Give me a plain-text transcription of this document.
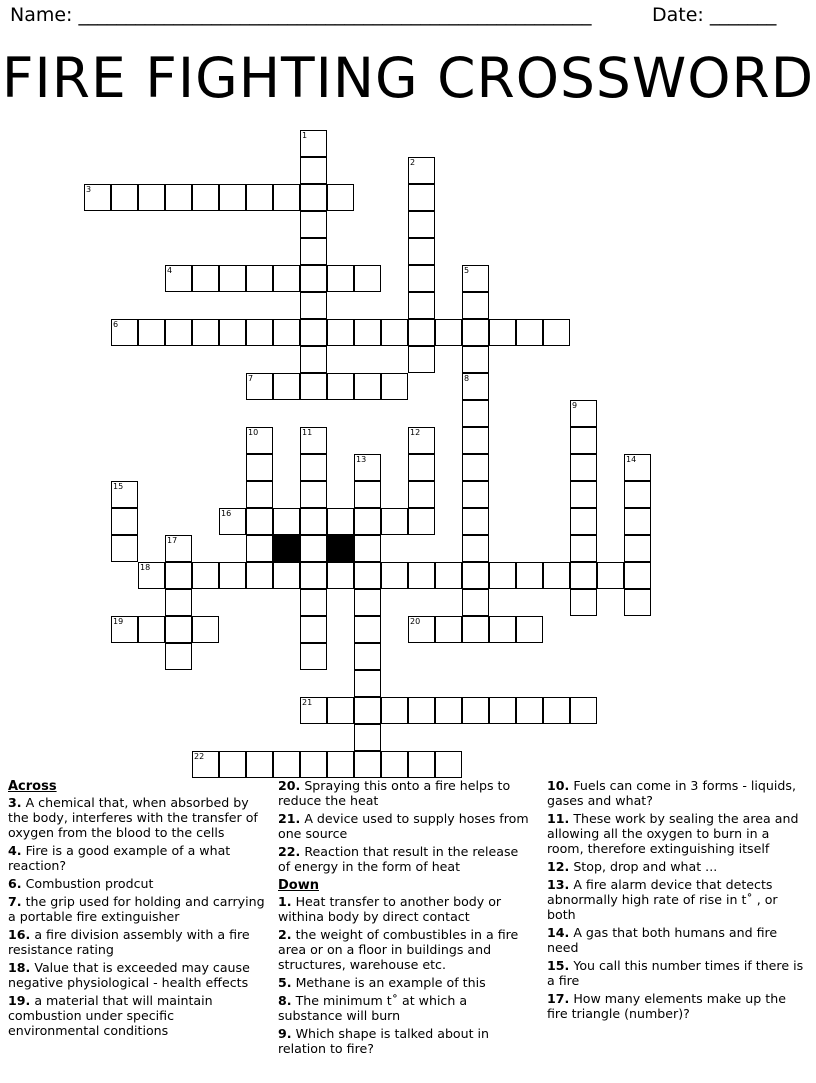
Name: ______________________________________________________	Date: _______
FIRE FIGHTING CROSSWORD
1
2
3
4	5
6
7	8
9
10	11	12
13	14
15
16
17
18
19	20
21
22
Across
3. A chemical that, when absorbed by the body, interferes with the transfer of oxygen from the blood to the cells
4. Fire is a good example of a what reaction?
6. Combustion prodcut
7. the grip used for holding and carrying a portable fire extinguisher
16. a fire division assembly with a fire resistance rating
18. Value that is exceeded may cause negative physiological - health effects
19. a material that will maintain combustion under specific environmental conditions
20. Spraying this onto a fire helps to reduce the heat
21. A device used to supply hoses from one source
22. Reaction that result in the release of energy in the form of heat
Down
1. Heat transfer to another body or withina body by direct contact
2. the weight of combustibles in a fire area or on a floor in buildings and structures, warehouse etc.
5. Methane is an example of this
8. The minimum t˚ at which a substance will burn
9. Which shape is talked about in relation to fire?
10. Fuels can come in 3 forms - liquids, gases and what?
11. These work by sealing the area and allowing all the oxygen to burn in a room, therefore extinguishing itself
12. Stop, drop and what ...
13. A fire alarm device that detects abnormally high rate of rise in t˚ , or both
14. A gas that both humans and fire need
15. You call this number times if there is a fire
17. How many elements make up the fire triangle (number)?
